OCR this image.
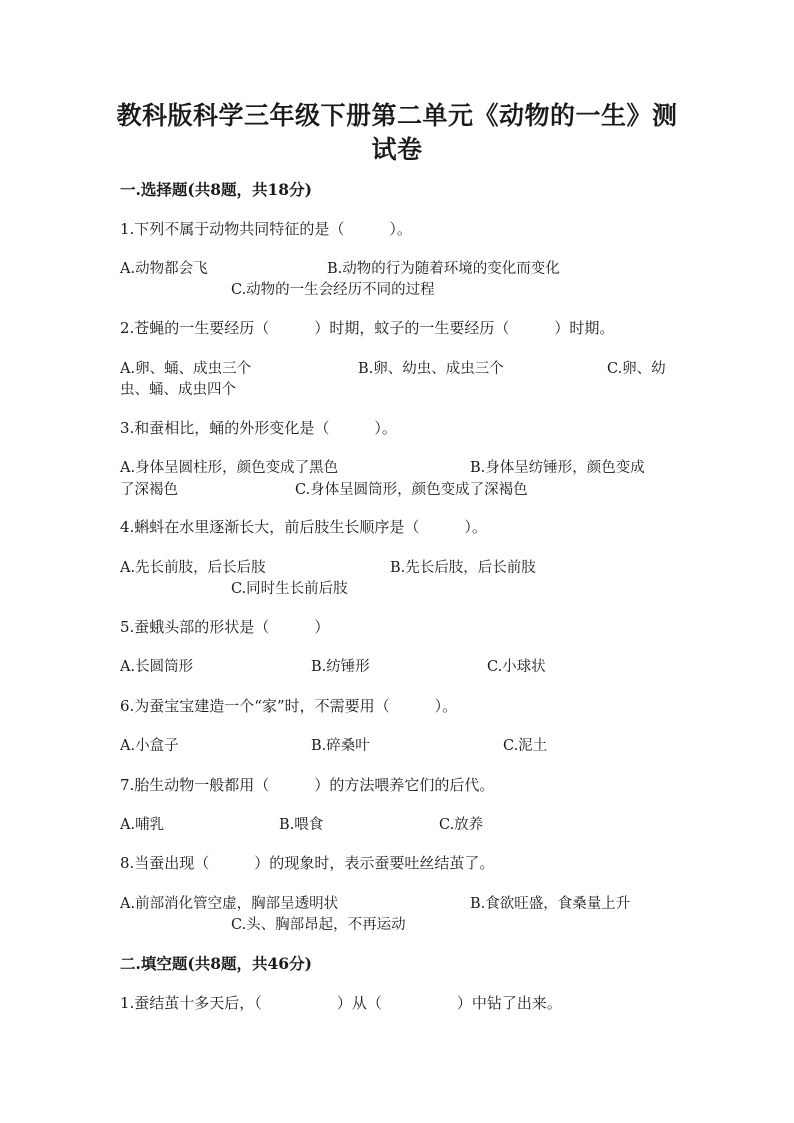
教科版科学三年级下册第二单元《动物的一生》测
试卷
一.选择题(共8题，共18分)
1.下列不属于动物共同特征的是（　　　）。
A.动物都会飞	B.动物的行为随着环境的变化而变化
C.动物的一生会经历不同的过程
2.苍蝇的一生要经历（　　　）时期，蚊子的一生要经历（　　　）时期。
A.卵、蛹、成虫三个	B.卵、幼虫、成虫三个	C.卵、幼
虫、蛹、成虫四个
3.和蚕相比，蛹的外形变化是（　　　）。
A.身体呈圆柱形，颜色变成了黑色	B.身体呈纺锤形，颜色变成
了深褐色	C.身体呈圆筒形，颜色变成了深褐色
4.蝌蚪在水里逐渐长大，前后肢生长顺序是（　　　）。
A.先长前肢，后长后肢	B.先长后肢，后长前肢
C.同时生长前后肢
5.蚕蛾头部的形状是（　　　）
A.长圆筒形	B.纺锤形	C.小球状
6.为蚕宝宝建造一个“家”时，不需要用（　　　）。
A.小盒子	B.碎桑叶	C.泥土
7.胎生动物一般都用（　　　）的方法喂养它们的后代。
A.哺乳	B.喂食	C.放养
8.当蚕出现（　　　）的现象时，表示蚕要吐丝结茧了。
A.前部消化管空虚，胸部呈透明状	B.食欲旺盛，食桑量上升
C.头、胸部昂起，不再运动
二.填空题(共8题，共46分)
1.蚕结茧十多天后，（　　　　　）从（　　　　　）中钻了出来。
